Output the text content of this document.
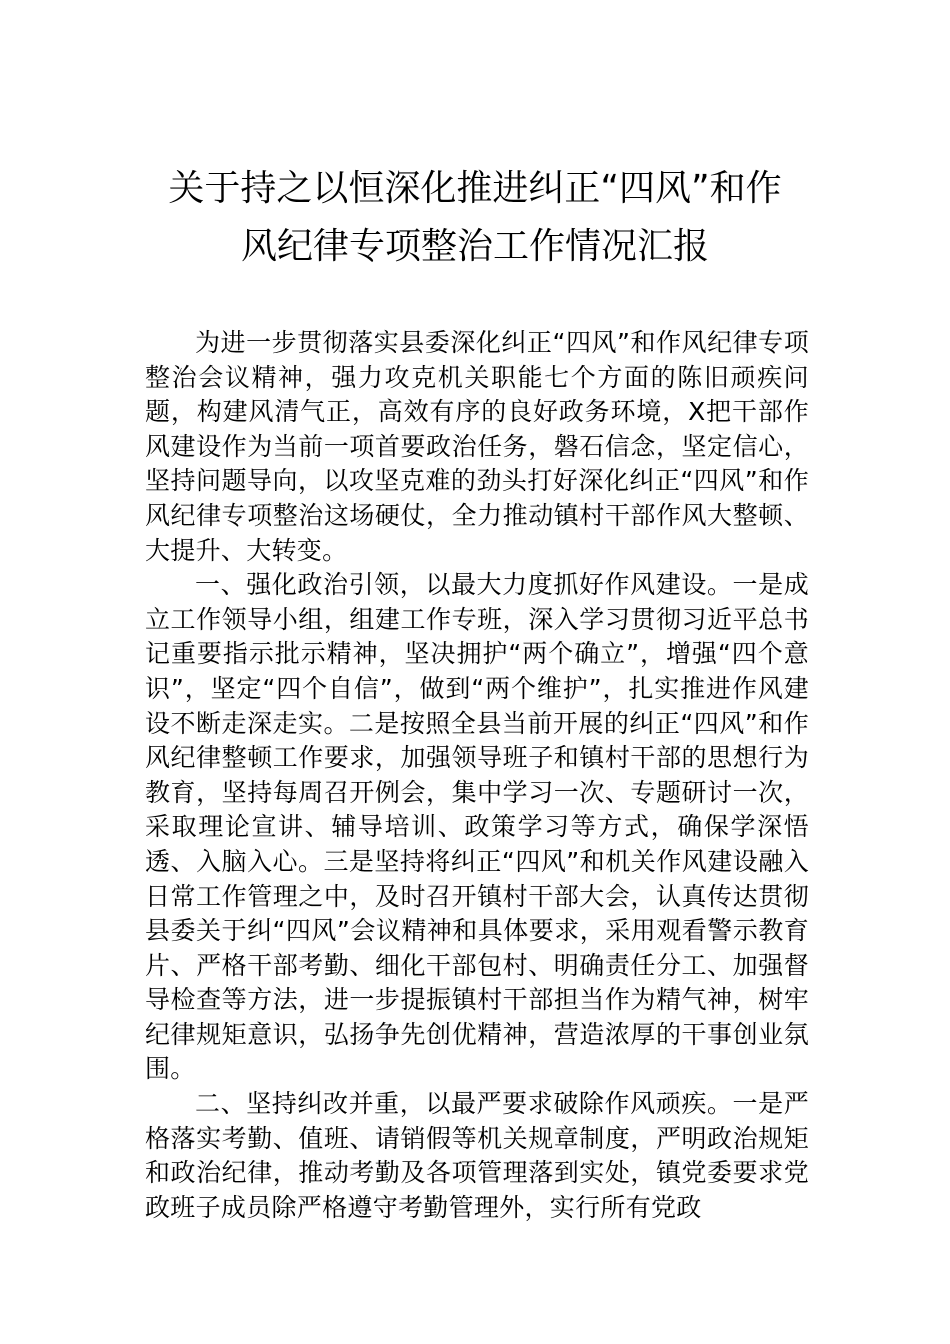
关于持之以恒深化推进纠正“四风”和作
风纪律专项整治工作情况汇报

为进一步贯彻落实县委深化纠正“四风”和作风纪律专项整治会议精神，强力攻克机关职能七个方面的陈旧顽疾问题，构建风清气正，高效有序的良好政务环境，X把干部作风建设作为当前一项首要政治任务，磐石信念，坚定信心，坚持问题导向，以攻坚克难的劲头打好深化纠正“四风”和作风纪律专项整治这场硬仗，全力推动镇村干部作风大整顿、大提升、大转变。

一、强化政治引领，以最大力度抓好作风建设。一是成立工作领导小组，组建工作专班，深入学习贯彻习近平总书记重要指示批示精神，坚决拥护“两个确立”，增强“四个意识”，坚定“四个自信”，做到“两个维护”，扎实推进作风建设不断走深走实。二是按照全县当前开展的纠正“四风”和作风纪律整顿工作要求，加强领导班子和镇村干部的思想行为教育，坚持每周召开例会，集中学习一次、专题研讨一次，采取理论宣讲、辅导培训、政策学习等方式，确保学深悟透、入脑入心。三是坚持将纠正“四风”和机关作风建设融入日常工作管理之中，及时召开镇村干部大会，认真传达贯彻县委关于纠“四风”会议精神和具体要求，采用观看警示教育片、严格干部考勤、细化干部包村、明确责任分工、加强督导检查等方法，进一步提振镇村干部担当作为精气神，树牢纪律规矩意识，弘扬争先创优精神，营造浓厚的干事创业氛围。

二、坚持纠改并重，以最严要求破除作风顽疾。一是严格落实考勤、值班、请销假等机关规章制度，严明政治规矩和政治纪律，推动考勤及各项管理落到实处，镇党委要求党政班子成员除严格遵守考勤管理外，实行所有党政
